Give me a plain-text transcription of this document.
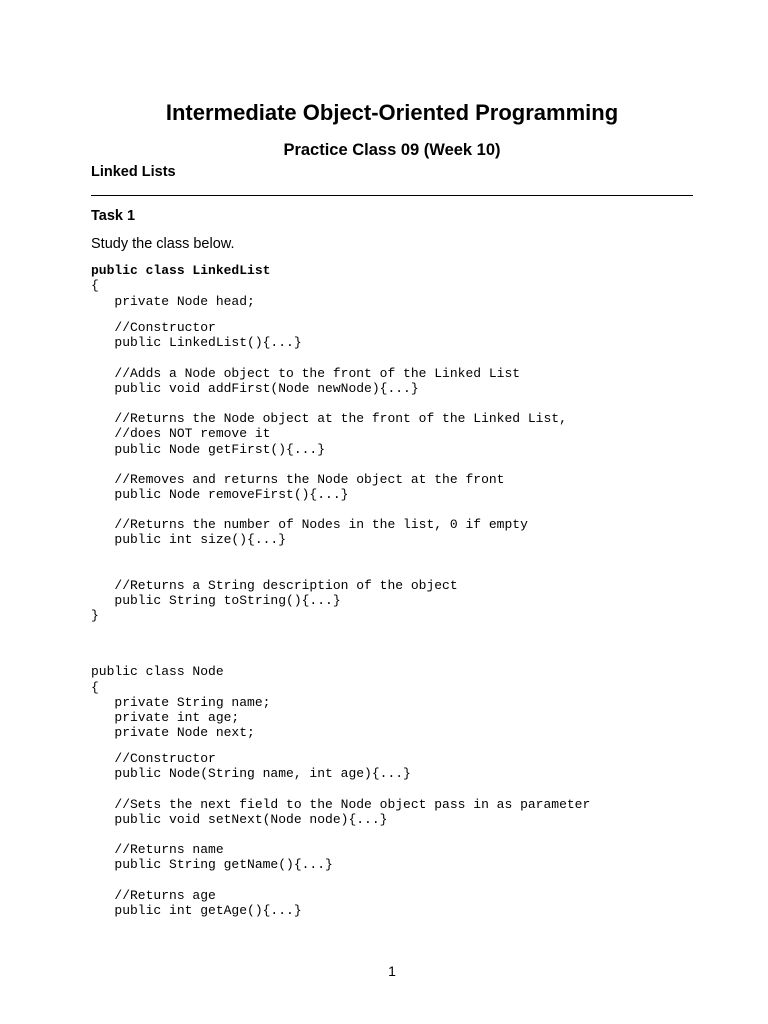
Intermediate Object-Oriented Programming
Practice Class 09 (Week 10)
Linked Lists
Task 1
Study the class below.
public class LinkedList
{
private Node head;
//Constructor
public LinkedList(){...}
//Adds a Node object to the front of the Linked List
public void addFirst(Node newNode){...}
//Returns the Node object at the front of the Linked List,
//does NOT remove it
public Node getFirst(){...}
//Removes and returns the Node object at the front
public Node removeFirst(){...}
//Returns the number of Nodes in the list, 0 if empty
public int size(){...}
//Returns a String description of the object
public String toString(){...}
}
public class Node
{
private String name;
private int age;
private Node next;
//Constructor
public Node(String name, int age){...}
//Sets the next field to the Node object pass in as parameter
public void setNext(Node node){...}
//Returns name
public String getName(){...}
//Returns age
public int getAge(){...}
1
